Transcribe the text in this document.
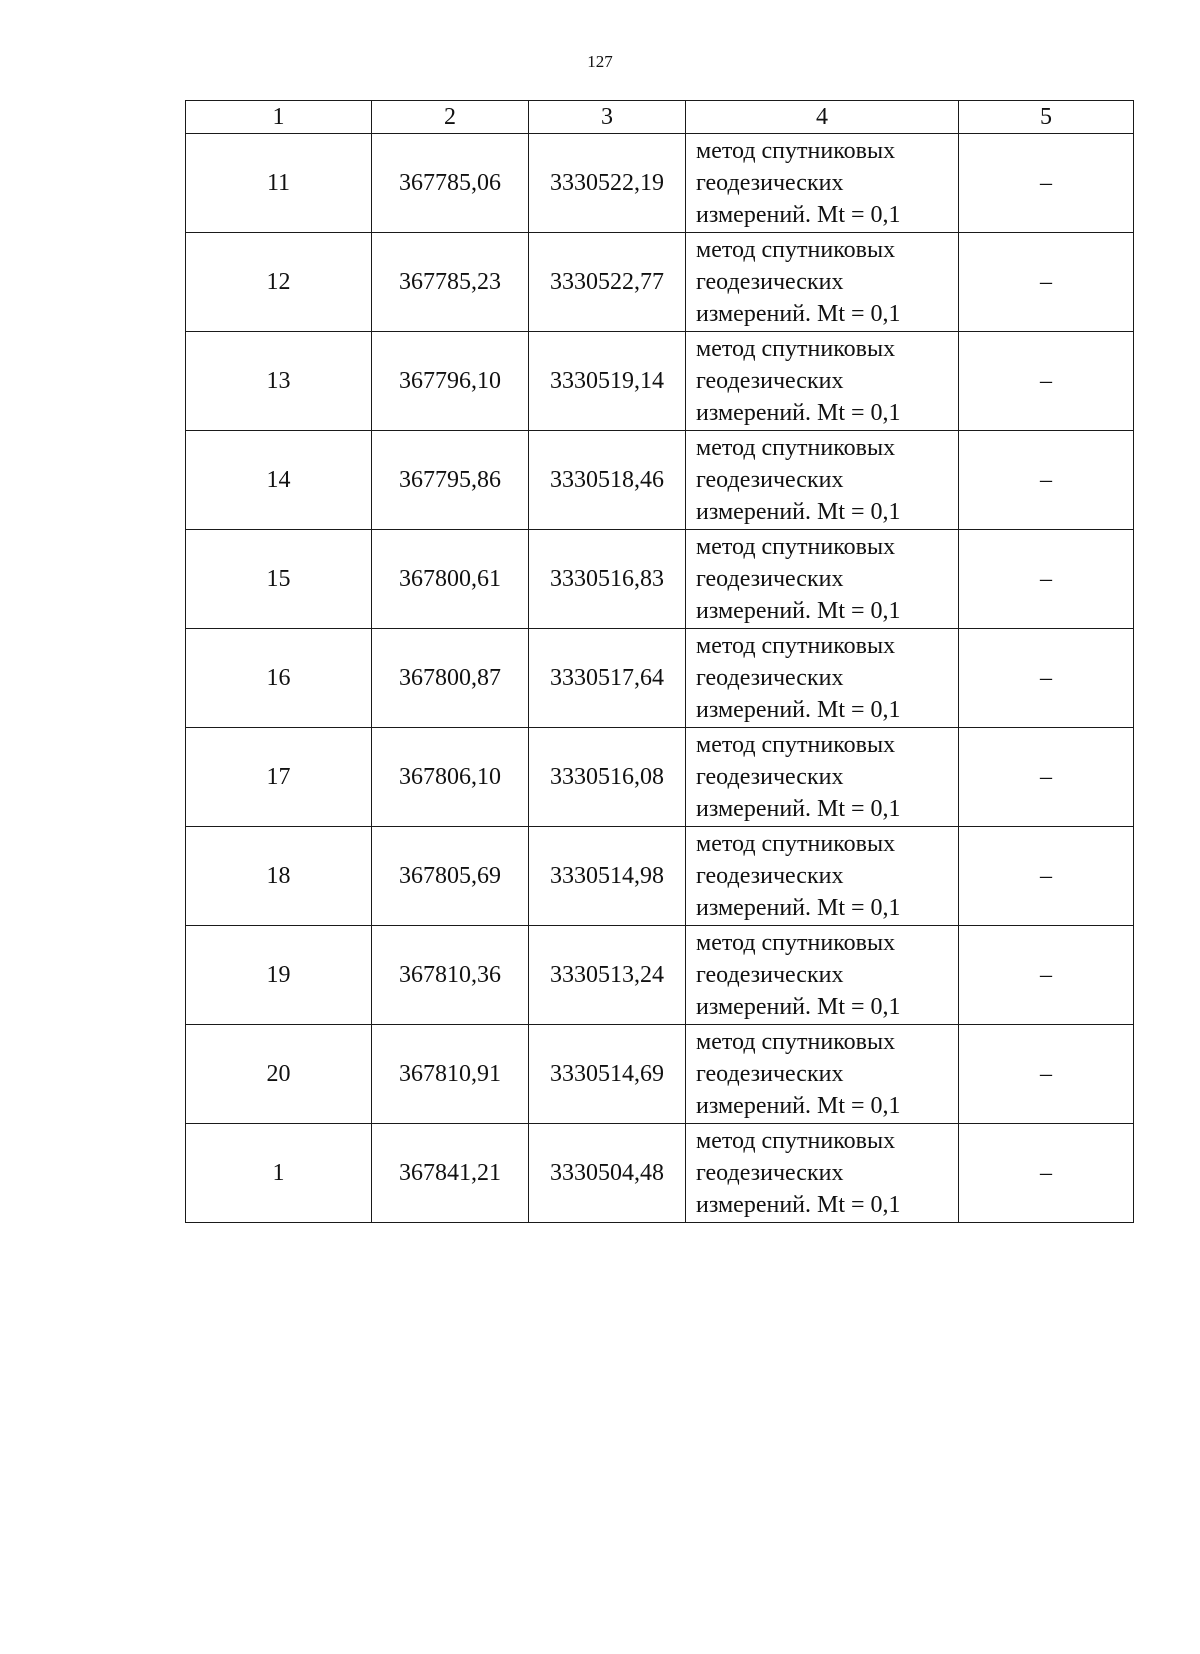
127
1	2	3	4	5
11	367785,06	3330522,19	метод спутниковых
геодезических
измерений. Mt = 0,1	–
12	367785,23	3330522,77	метод спутниковых
геодезических
измерений. Mt = 0,1	–
13	367796,10	3330519,14	метод спутниковых
геодезических
измерений. Mt = 0,1	–
14	367795,86	3330518,46	метод спутниковых
геодезических
измерений. Mt = 0,1	–
15	367800,61	3330516,83	метод спутниковых
геодезических
измерений. Mt = 0,1	–
16	367800,87	3330517,64	метод спутниковых
геодезических
измерений. Mt = 0,1	–
17	367806,10	3330516,08	метод спутниковых
геодезических
измерений. Mt = 0,1	–
18	367805,69	3330514,98	метод спутниковых
геодезических
измерений. Mt = 0,1	–
19	367810,36	3330513,24	метод спутниковых
геодезических
измерений. Mt = 0,1	–
20	367810,91	3330514,69	метод спутниковых
геодезических
измерений. Mt = 0,1	–
1	367841,21	3330504,48	метод спутниковых
геодезических
измерений. Mt = 0,1	–
